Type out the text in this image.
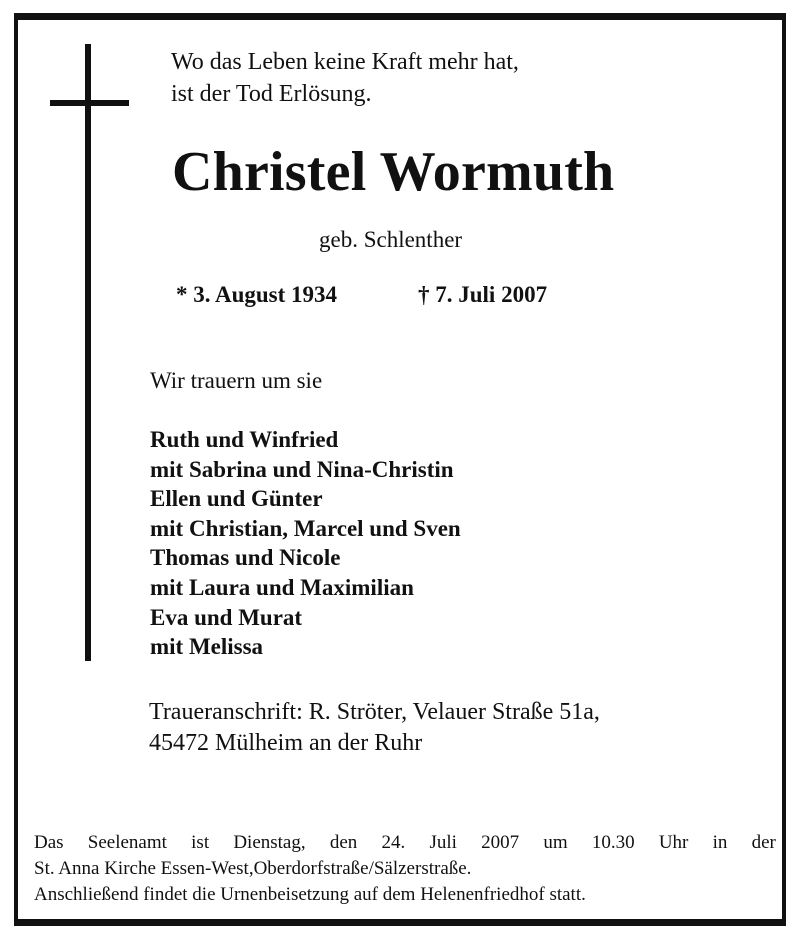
Wo das Leben keine Kraft mehr hat,
ist der Tod Erlösung.
Christel Wormuth
geb. Schlenther
* 3. August 1934	† 7. Juli 2007
Wir trauern um sie
Ruth und Winfried
mit Sabrina und Nina-Christin
Ellen und Günter
mit Christian, Marcel und Sven
Thomas und Nicole
mit Laura und Maximilian
Eva und Murat
mit Melissa
Traueranschrift: R. Ströter, Velauer Straße 51a,
45472 Mülheim an der Ruhr
Das Seelenamt ist Dienstag, den 24. Juli 2007 um 10.30 Uhr in der
St. Anna Kirche Essen-West,Oberdorfstraße/Sälzerstraße.
Anschließend findet die Urnenbeisetzung auf dem Helenenfriedhof statt.
